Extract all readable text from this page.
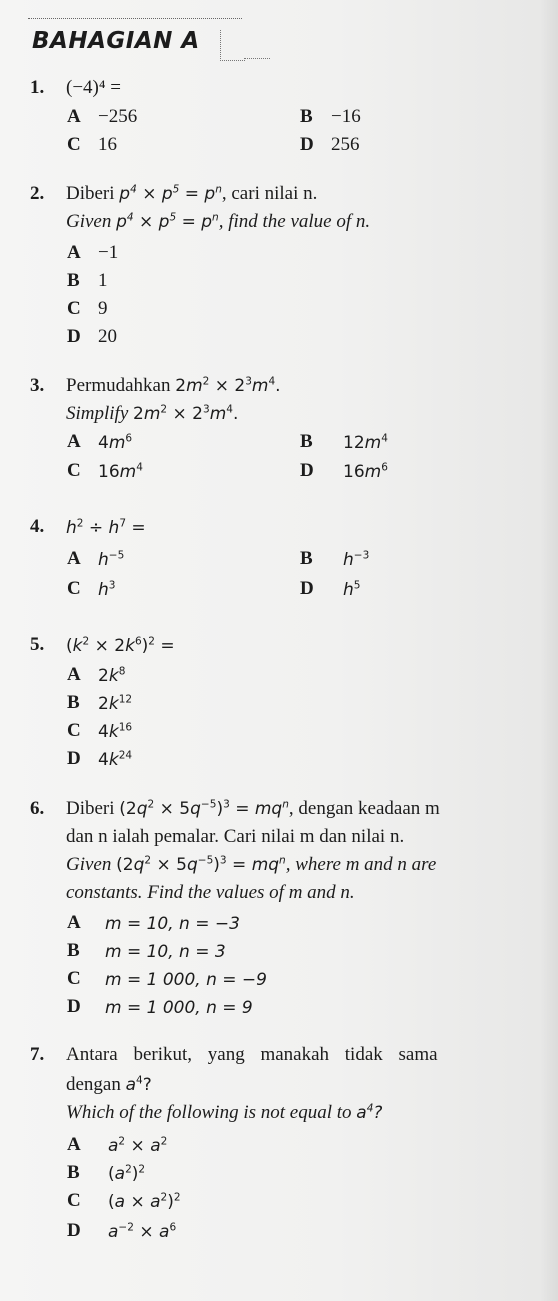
BAHAGIAN A
1. (−4)⁴ =
A −256	B −16
C 16	D 256
2. Diberi $p^4 \times p^5 = p^n$, cari nilai n.
Given $p^4 \times p^5 = p^n$, find the value of n.
A −1
B 1
C 9
D 20
3. Permudahkan $2m^2 \times 2^3m^4$.
Simplify $2m^2 \times 2^3m^4$.
A $4m^6$	B $12m^4$
C $16m^4$	D $16m^6$
4. $h^2 \div h^7$ =
A $h^{-5}$	B $h^{-3}$
C $h^3$	D $h^5$
5. $(k^2 \times 2k^6)^2$ =
A $2k^8$
B $2k^{12}$
C $4k^{16}$
D $4k^{24}$
6. Diberi $(2q^2 \times 5q^{-5})^3 = mq^n$, dengan keadaan m
dan n ialah pemalar. Cari nilai m dan nilai n.
Given $(2q^2 \times 5q^{-5})^3 = mq^n$, where m and n are
constants. Find the values of m and n.
A m = 10, n = −3
B m = 10, n = 3
C m = 1 000, n = −9
D m = 1 000, n = 9
7. Antara berikut, yang manakah tidak sama
dengan $a^4$?
Which of the following is not equal to $a^4$?
A $a^2 \times a^2$
B $(a^2)^2$
C $(a \times a^2)^2$
D $a^{-2} \times a^6$
